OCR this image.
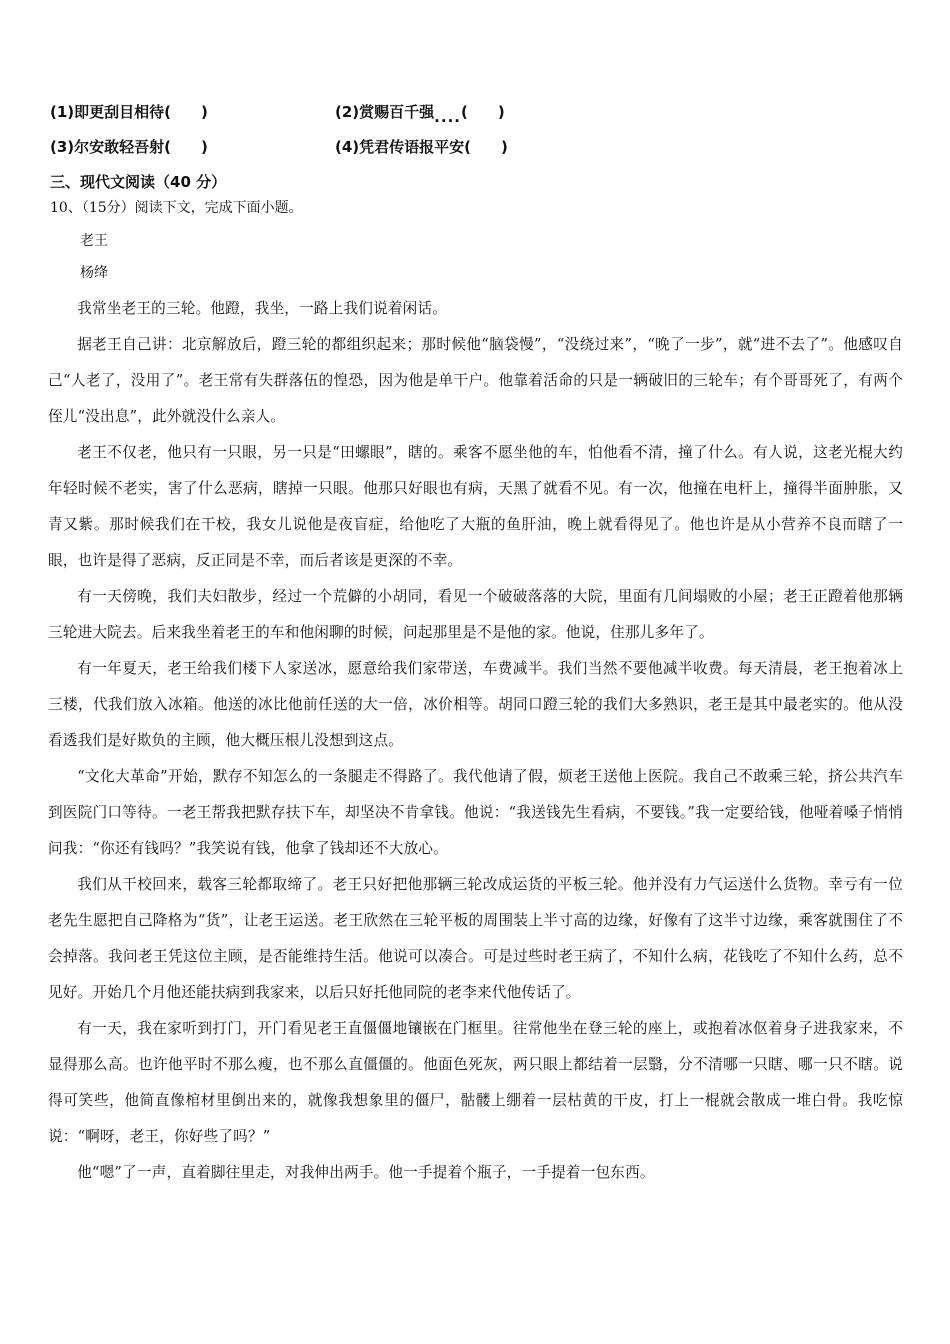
(1)即更刮目相待(　　)	(2)赏赐百千强....(　　)
(3)尔安敢轻吾射(　　)	(4)凭君传语报平安(　　)
三、现代文阅读（40 分）
10、（15分）阅读下文，完成下面小题。
老王
杨绛

我常坐老王的三轮。他蹬，我坐，一路上我们说着闲话。

据老王自己讲：北京解放后，蹬三轮的都组织起来；那时候他“脑袋慢”，“没绕过来”，“晚了一步”，就“进不去了”。他感叹自己“人老了，没用了”。老王常有失群落伍的惶恐，因为他是单干户。他靠着活命的只是一辆破旧的三轮车；有个哥哥死了，有两个侄儿“没出息”，此外就没什么亲人。

老王不仅老，他只有一只眼，另一只是“田螺眼”，瞎的。乘客不愿坐他的车，怕他看不清，撞了什么。有人说，这老光棍大约年轻时候不老实，害了什么恶病，瞎掉一只眼。他那只好眼也有病，天黑了就看不见。有一次，他撞在电杆上，撞得半面肿胀，又青又紫。那时候我们在干校，我女儿说他是夜盲症，给他吃了大瓶的鱼肝油，晚上就看得见了。他也许是从小营养不良而瞎了一眼，也许是得了恶病，反正同是不幸，而后者该是更深的不幸。

有一天傍晚，我们夫妇散步，经过一个荒僻的小胡同，看见一个破破落落的大院，里面有几间塌败的小屋；老王正蹬着他那辆三轮进大院去。后来我坐着老王的车和他闲聊的时候，问起那里是不是他的家。他说，住那儿多年了。

有一年夏天，老王给我们楼下人家送冰，愿意给我们家带送，车费减半。我们当然不要他减半收费。每天清晨，老王抱着冰上三楼，代我们放入冰箱。他送的冰比他前任送的大一倍，冰价相等。胡同口蹬三轮的我们大多熟识，老王是其中最老实的。他从没看透我们是好欺负的主顾，他大概压根儿没想到这点。

“文化大革命”开始，默存不知怎么的一条腿走不得路了。我代他请了假，烦老王送他上医院。我自己不敢乘三轮，挤公共汽车到医院门口等待。一老王帮我把默存扶下车，却坚决不肯拿钱。他说：“我送钱先生看病，不要钱。”我一定要给钱，他哑着嗓子悄悄问我：“你还有钱吗？”我笑说有钱，他拿了钱却还不大放心。

我们从干校回来，载客三轮都取缔了。老王只好把他那辆三轮改成运货的平板三轮。他并没有力气运送什么货物。幸亏有一位老先生愿把自己降格为“货”，让老王运送。老王欣然在三轮平板的周围装上半寸高的边缘，好像有了这半寸边缘，乘客就围住了不会掉落。我问老王凭这位主顾，是否能维持生活。他说可以凑合。可是过些时老王病了，不知什么病，花钱吃了不知什么药，总不见好。开始几个月他还能扶病到我家来，以后只好托他同院的老李来代他传话了。

有一天，我在家听到打门，开门看见老王直僵僵地镶嵌在门框里。往常他坐在登三轮的座上，或抱着冰伛着身子进我家来，不显得那么高。也许他平时不那么瘦，也不那么直僵僵的。他面色死灰，两只眼上都结着一层翳，分不清哪一只瞎、哪一只不瞎。说得可笑些，他简直像棺材里倒出来的，就像我想象里的僵尸，骷髅上绷着一层枯黄的干皮，打上一棍就会散成一堆白骨。我吃惊说：“啊呀，老王，你好些了吗？”

他“嗯”了一声，直着脚往里走，对我伸出两手。他一手提着个瓶子，一手提着一包东西。
